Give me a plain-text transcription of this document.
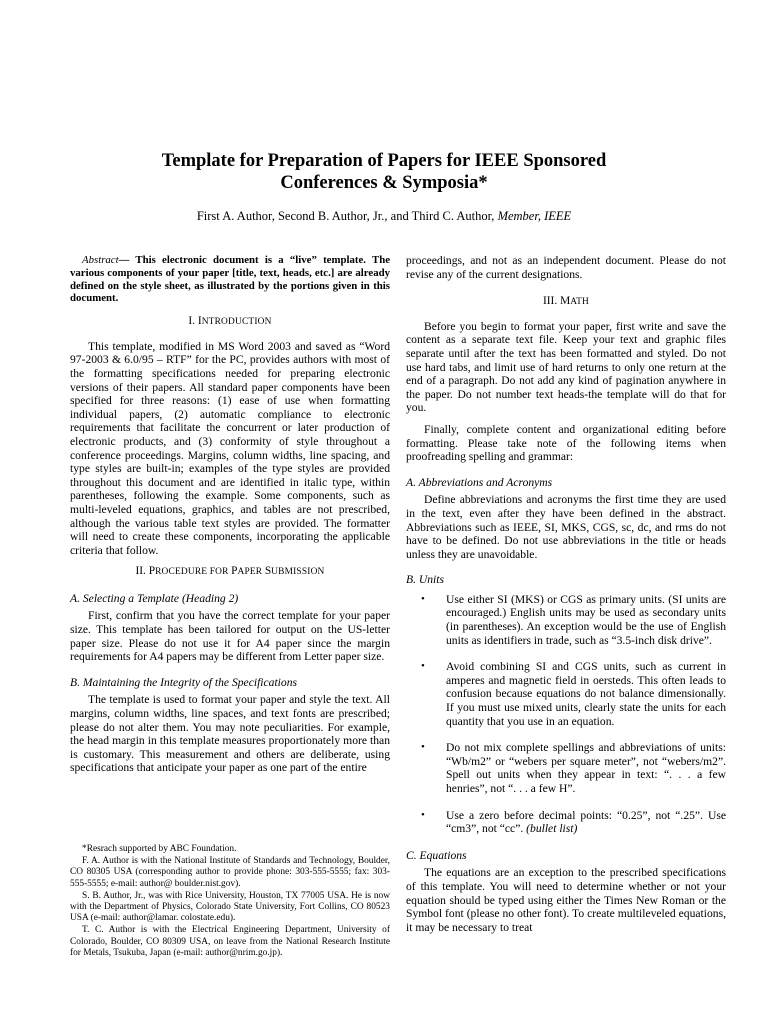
Template for Preparation of Papers for IEEE Sponsored
Conferences & Symposia*
First A. Author, Second B. Author, Jr., and Third C. Author, Member, IEEE
Abstract— This electronic document is a “live” template. The various components of your paper [title, text, heads, etc.] are already defined on the style sheet, as illustrated by the portions given in this document.
I. INTRODUCTION

This template, modified in MS Word 2003 and saved as “Word 97-2003 & 6.0/95 – RTF” for the PC, provides authors with most of the formatting specifications needed for preparing electronic versions of their papers. All standard paper components have been specified for three reasons: (1) ease of use when formatting individual papers, (2) automatic compliance to electronic requirements that facilitate the concurrent or later production of electronic products, and (3) conformity of style throughout a conference proceedings. Margins, column widths, line spacing, and type styles are built-in; examples of the type styles are provided throughout this document and are identified in italic type, within parentheses, following the example. Some components, such as multi-leveled equations, graphics, and tables are not prescribed, although the various table text styles are provided. The formatter will need to create these components, incorporating the applicable criteria that follow.

II. PROCEDURE FOR PAPER SUBMISSION
A. Selecting a Template (Heading 2)

First, confirm that you have the correct template for your paper size. This template has been tailored for output on the US-letter paper size. Please do not use it for A4 paper since the margin requirements for A4 papers may be different from Letter paper size.

B. Maintaining the Integrity of the Specifications

The template is used to format your paper and style the text. All margins, column widths, line spaces, and text fonts are prescribed; please do not alter them. You may note peculiarities. For example, the head margin in this template measures proportionately more than is customary. This measurement and others are deliberate, using specifications that anticipate your paper as one part of the entire

*Resrach supported by ABC Foundation.

F. A. Author is with the National Institute of Standards and Technology, Boulder, CO 80305 USA (corresponding author to provide phone: 303-555-5555; fax: 303-555-5555; e-mail: author@ boulder.nist.gov).

S. B. Author, Jr., was with Rice University, Houston, TX 77005 USA. He is now with the Department of Physics, Colorado State University, Fort Collins, CO 80523 USA (e-mail: author@lamar. colostate.edu).

T. C. Author is with the Electrical Engineering Department, University of Colorado, Boulder, CO 80309 USA, on leave from the National Research Institute for Metals, Tsukuba, Japan (e-mail: author@nrim.go.jp).

proceedings, and not as an independent document. Please do not revise any of the current designations.

III. MATH

Before you begin to format your paper, first write and save the content as a separate text file. Keep your text and graphic files separate until after the text has been formatted and styled. Do not use hard tabs, and limit use of hard returns to only one return at the end of a paragraph. Do not add any kind of pagination anywhere in the paper. Do not number text heads-the template will do that for you.

Finally, complete content and organizational editing before formatting. Please take note of the following items when proofreading spelling and grammar:

A. Abbreviations and Acronyms

Define abbreviations and acronyms the first time they are used in the text, even after they have been defined in the abstract. Abbreviations such as IEEE, SI, MKS, CGS, sc, dc, and rms do not have to be defined. Do not use abbreviations in the title or heads unless they are unavoidable.

B. Units
• Use either SI (MKS) or CGS as primary units. (SI units are encouraged.) English units may be used as secondary units (in parentheses). An exception would be the use of English units as identifiers in trade, such as “3.5-inch disk drive”.
• Avoid combining SI and CGS units, such as current in amperes and magnetic field in oersteds. This often leads to confusion because equations do not balance dimensionally. If you must use mixed units, clearly state the units for each quantity that you use in an equation.
• Do not mix complete spellings and abbreviations of units: “Wb/m2” or “webers per square meter”, not “webers/m2”. Spell out units when they appear in text: “. . . a few henries”, not “. . . a few H”.
• Use a zero before decimal points: “0.25”, not “.25”. Use “cm3”, not “cc”. (bullet list)
C. Equations

The equations are an exception to the prescribed specifications of this template. You will need to determine whether or not your equation should be typed using either the Times New Roman or the Symbol font (please no other font). To create multileveled equations, it may be necessary to treat
